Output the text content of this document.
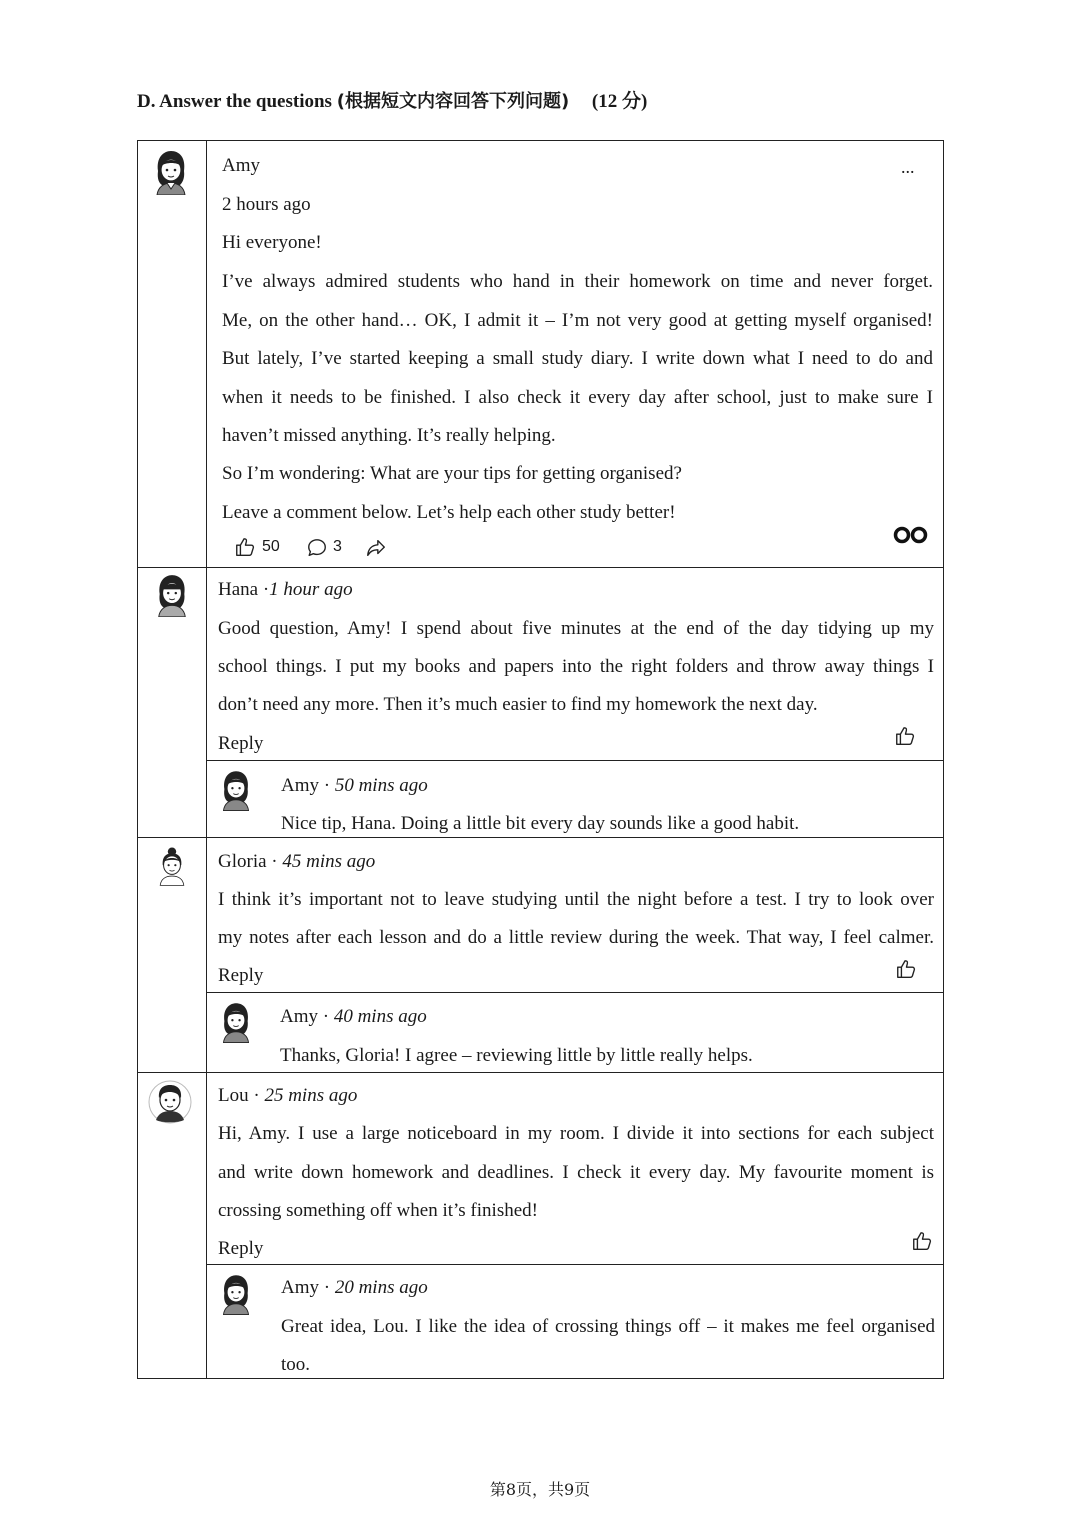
D. Answer the questions (根据短文内容回答下列问题) (12 分)
Amy	...
2 hours ago
Hi everyone!
I’ve always admired students who hand in their homework on time and never forget.
Me, on the other hand… OK, I admit it – I’m not very good at getting myself organised!
But lately, I’ve started keeping a small study diary. I write down what I need to do and
when it needs to be finished. I also check it every day after school, just to make sure I
haven’t missed anything. It’s really helping.
So I’m wondering: What are your tips for getting organised?
Leave a comment below. Let’s help each other study better!
50	3
Hana ·1 hour ago
Good question, Amy! I spend about five minutes at the end of the day tidying up my
school things. I put my books and papers into the right folders and throw away things I
don’t need any more. Then it’s much easier to find my homework the next day.
Reply
Amy · 50 mins ago
Nice tip, Hana. Doing a little bit every day sounds like a good habit.
Gloria · 45 mins ago
I think it’s important not to leave studying until the night before a test. I try to look over
my notes after each lesson and do a little review during the week. That way, I feel calmer.
Reply
Amy · 40 mins ago
Thanks, Gloria! I agree – reviewing little by little really helps.
Lou · 25 mins ago
Hi, Amy. I use a large noticeboard in my room. I divide it into sections for each subject
and write down homework and deadlines. I check it every day. My favourite moment is
crossing something off when it’s finished!
Reply
Amy · 20 mins ago
Great idea, Lou. I like the idea of crossing things off – it makes me feel organised
too.
第8页，共9页
